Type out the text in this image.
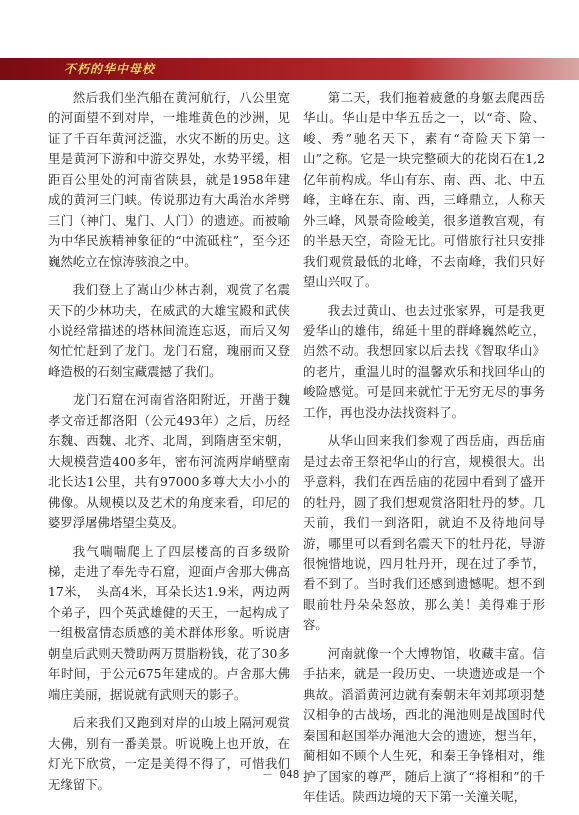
不朽的华中母校

然后我们坐汽船在黄河航行，八公里宽的河面望不到对岸，一堆堆黄色的沙洲，见证了千百年黄河泛滥，水灾不断的历史。这里是黄河下游和中游交界处，水势平缓，相距百公里处的河南省陕县，就是1958年建成的黄河三门峡。传说那边有大禹治水斧劈三门（神门、鬼门、人门）的遗迹。而被喻为中华民族精神象征的“中流砥柱”，至今还巍然屹立在惊涛骇浪之中。

我们登上了嵩山少林古刹，观赏了名震天下的少林功夫，在威武的大雄宝殿和武侠小说经常描述的塔林间流连忘返，而后又匆匆忙忙赶到了龙门。龙门石窟，瑰丽而又登峰造极的石刻宝藏震撼了我们。

龙门石窟在河南省洛阳附近，开凿于魏孝文帝迁都洛阳（公元493年）之后，历经东魏、西魏、北齐、北周，到隋唐至宋朝，大规模营造400多年，密布河流两岸峭壁南北长达1公里，共有97000多尊大大小小的佛像。从规模以及艺术的角度来看，印尼的婆罗浮屠佛塔望尘莫及。

我气喘喘爬上了四层楼高的百多级阶梯，走进了奉先寺石窟，迎面卢舍那大佛高17米，　头高4米，耳朵长达1.9米，两边两个弟子，四个英武雄健的天王，一起构成了一组极富情态质感的美术群体形象。听说唐朝皇后武则天赞助两万贯脂粉钱，花了30多年时间，于公元675年建成的。卢舍那大佛端庄美丽，据说就有武则天的影子。

后来我们又跑到对岸的山坡上隔河观赏大佛，别有一番美景。听说晚上也开放，在灯光下欣赏，一定是美得不得了，可惜我们无缘留下。

第二天，我们拖着疲惫的身躯去爬西岳华山。华山是中华五岳之一，以“奇、险、峻、秀”驰名天下，素有“奇险天下第一山”之称。它是一块完整硕大的花岗石在1,2亿年前构成。华山有东、南、西、北、中五峰，主峰在东、南、西，三峰鼎立，人称天外三峰，风景奇险峻美，很多道教宫观，有的半悬天空，奇险无比。可惜旅行社只安排我们观赏最低的北峰，不去南峰，我们只好望山兴叹了。

我去过黄山、也去过张家界，可是我更爱华山的雄伟，绵延十里的群峰巍然屹立，岿然不动。我想回家以后去找《智取华山》的老片，重温儿时的温馨欢乐和找回华山的峻险感觉。可是回来就忙于无穷无尽的事务工作，再也没办法找资料了。

从华山回来我们参观了西岳庙，西岳庙是过去帝王祭祀华山的行宫，规模很大。出乎意料，我们在西岳庙的花园中看到了盛开的牡丹，圆了我们想观赏洛阳牡丹的梦。几天前，我们一到洛阳，就迫不及待地问导游，哪里可以看到名震天下的牡丹花，导游很惋惜地说，四月牡丹开，现在过了季节，看不到了。当时我们还感到遗憾呢。想不到眼前牡丹朵朵怒放，那么美！美得难于形容。

河南就像一个大博物馆，收藏丰富。信手拈来，就是一段历史、一块遗迹或是一个典故。滔滔黄河边就有秦朝末年刘邦项羽楚汉相争的古战场，西北的渑池则是战国时代秦国和赵国举办渑池大会的遗迹，想当年，蔺相如不顾个人生死，和秦王争锋相对，维护了国家的尊严，随后上演了“将相和”的千年佳话。陕西边境的天下第一关潼关呢，

－ 048 －
